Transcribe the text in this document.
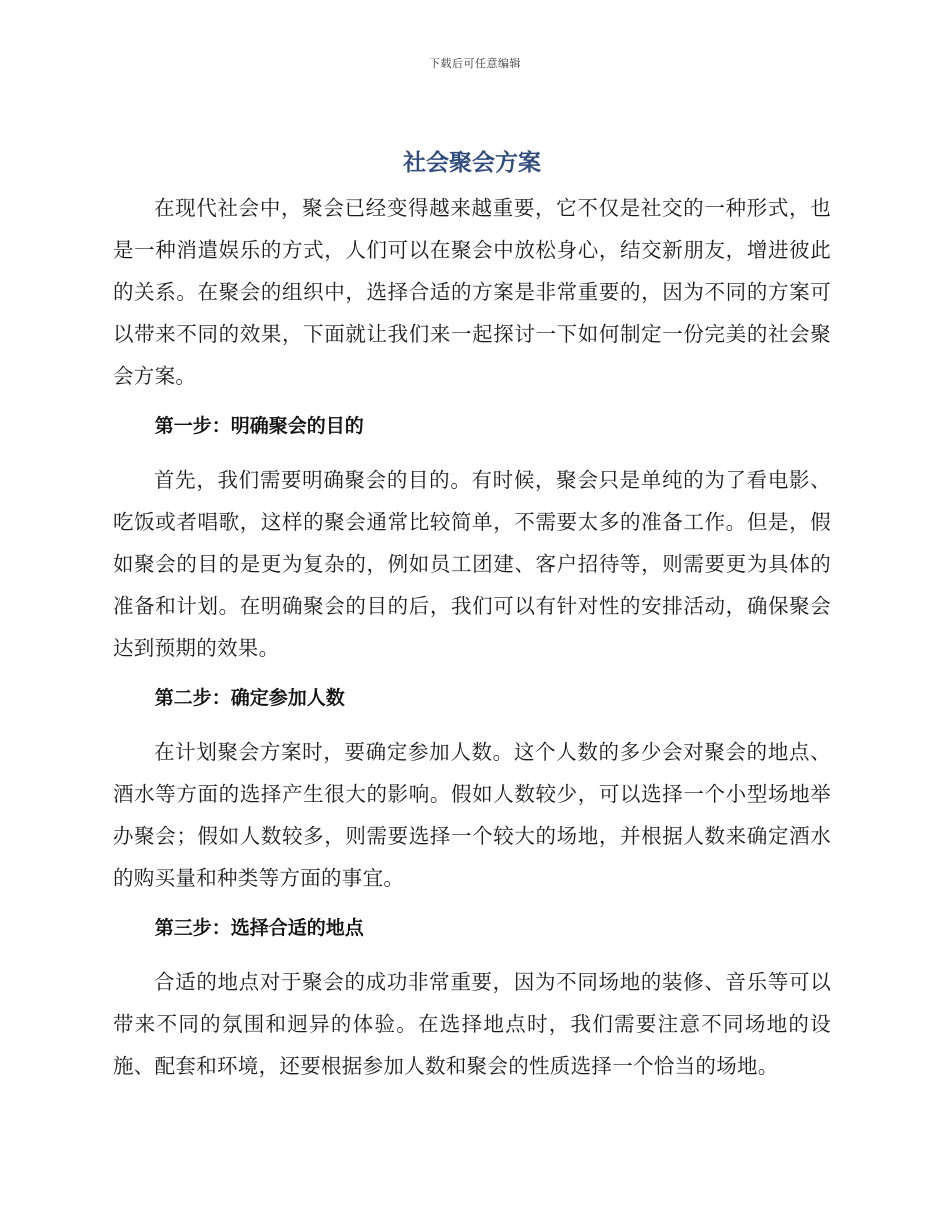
下载后可任意编辑
社会聚会方案

在现代社会中，聚会已经变得越来越重要，它不仅是社交的一种形式，也是一种消遣娱乐的方式，人们可以在聚会中放松身心，结交新朋友，增进彼此的关系。在聚会的组织中，选择合适的方案是非常重要的，因为不同的方案可以带来不同的效果，下面就让我们来一起探讨一下如何制定一份完美的社会聚会方案。

第一步：明确聚会的目的

首先，我们需要明确聚会的目的。有时候，聚会只是单纯的为了看电影、吃饭或者唱歌，这样的聚会通常比较简单，不需要太多的准备工作。但是，假如聚会的目的是更为复杂的，例如员工团建、客户招待等，则需要更为具体的准备和计划。在明确聚会的目的后，我们可以有针对性的安排活动，确保聚会达到预期的效果。

第二步：确定参加人数

在计划聚会方案时，要确定参加人数。这个人数的多少会对聚会的地点、酒水等方面的选择产生很大的影响。假如人数较少，可以选择一个小型场地举办聚会；假如人数较多，则需要选择一个较大的场地，并根据人数来确定酒水的购买量和种类等方面的事宜。

第三步：选择合适的地点

合适的地点对于聚会的成功非常重要，因为不同场地的装修、音乐等可以带来不同的氛围和迥异的体验。在选择地点时，我们需要注意不同场地的设施、配套和环境，还要根据参加人数和聚会的性质选择一个恰当的场地。
